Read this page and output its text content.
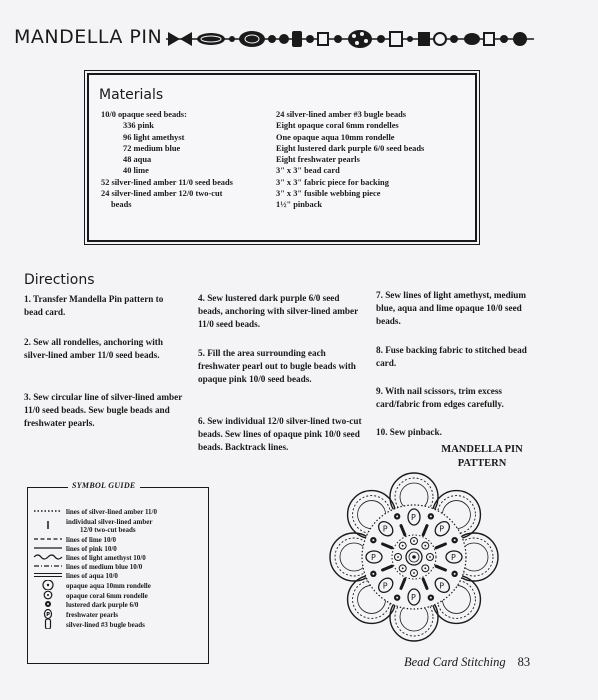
MANDELLA PIN
Materials
10/0 opaque seed beads:
336 pink
96 light amethyst
72 medium blue
48 aqua
40 lime
52 silver-lined amber 11/0 seed beads
24 silver-lined amber 12/0 two-cut
beads
24 silver-lined amber #3 bugle beads
Eight opaque coral 6mm rondelles
One opaque aqua 10mm rondelle
Eight lustered dark purple 6/0 seed beads
Eight freshwater pearls
3" x 3" bead card
3" x 3" fabric piece for backing
3" x 3" fusible webbing piece
1½" pinback
Directions
1. Transfer Mandella Pin pattern to bead card.
2. Sew all rondelles, anchoring with silver-lined amber 11/0 seed beads.
3. Sew circular line of silver-lined amber 11/0 seed beads. Sew bugle beads and freshwater pearls.
4. Sew lustered dark purple 6/0 seed beads, anchoring with silver-lined amber 11/0 seed beads.
5. Fill the area surrounding each freshwater pearl out to bugle beads with opaque pink 10/0 seed beads.
6. Sew individual 12/0 silver-lined two-cut beads. Sew lines of opaque pink 10/0 seed beads. Backtrack lines.
7. Sew lines of light amethyst, medium blue, aqua and lime opaque 10/0 seed beads.
8. Fuse backing fabric to stitched bead card.
9. With nail scissors, trim excess card/fabric from edges carefully.
10. Sew pinback.
SYMBOL GUIDE
lines of silver-lined amber 11/0
individual silver-lined amber
12/0 two-cut beads
lines of lime 10/0
lines of pink 10/0
lines of light amethyst 10/0
lines of medium blue 10/0
lines of aqua 10/0
opaque aqua 10mm rondelle
opaque coral 6mm rondelle
lustered dark purple 6/0
P freshwater pearls
silver-lined #3 bugle beads
MANDELLA PIN
PATTERN
P
P
P
P
P
P
P
P
Bead Card Stitching 83
